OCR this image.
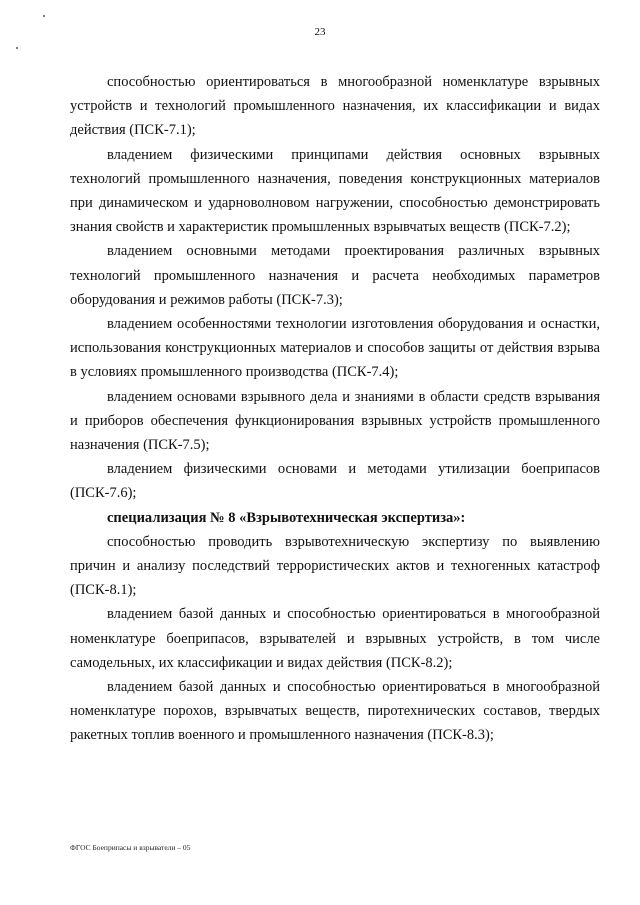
23

способностью ориентироваться в многообразной номенклатуре взрывных устройств и технологий промышленного назначения, их классификации и видах действия (ПСК-7.1);

владением физическими принципами действия основных взрывных технологий промышленного назначения, поведения конструкционных материалов при динамическом и ударноволновом нагружении, способностью демонстрировать знания свойств и характеристик промышленных взрывчатых веществ (ПСК-7.2);

владением основными методами проектирования различных взрывных технологий промышленного назначения и расчета необходимых параметров оборудования и режимов работы (ПСК-7.3);

владением особенностями технологии изготовления оборудования и оснастки, использования конструкционных материалов и способов защиты от действия взрыва в условиях промышленного производства (ПСК-7.4);

владением основами взрывного дела и знаниями в области средств взрывания и приборов обеспечения функционирования взрывных устройств промышленного назначения (ПСК-7.5);

владением физическими основами и методами утилизации боеприпасов (ПСК-7.6);

специализация № 8 «Взрывотехническая экспертиза»:

способностью проводить взрывотехническую экспертизу по выявлению причин и анализу последствий террористических актов и техногенных катастроф (ПСК-8.1);

владением базой данных и способностью ориентироваться в многообразной номенклатуре боеприпасов, взрывателей и взрывных устройств, в том числе самодельных, их классификации и видах действия (ПСК-8.2);

владением базой данных и способностью ориентироваться в многообразной номенклатуре порохов, взрывчатых веществ, пиротехнических составов, твердых ракетных топлив военного и промышленного назначения (ПСК-8.3);

ФГОС Боеприпасы и взрыватели – 05
